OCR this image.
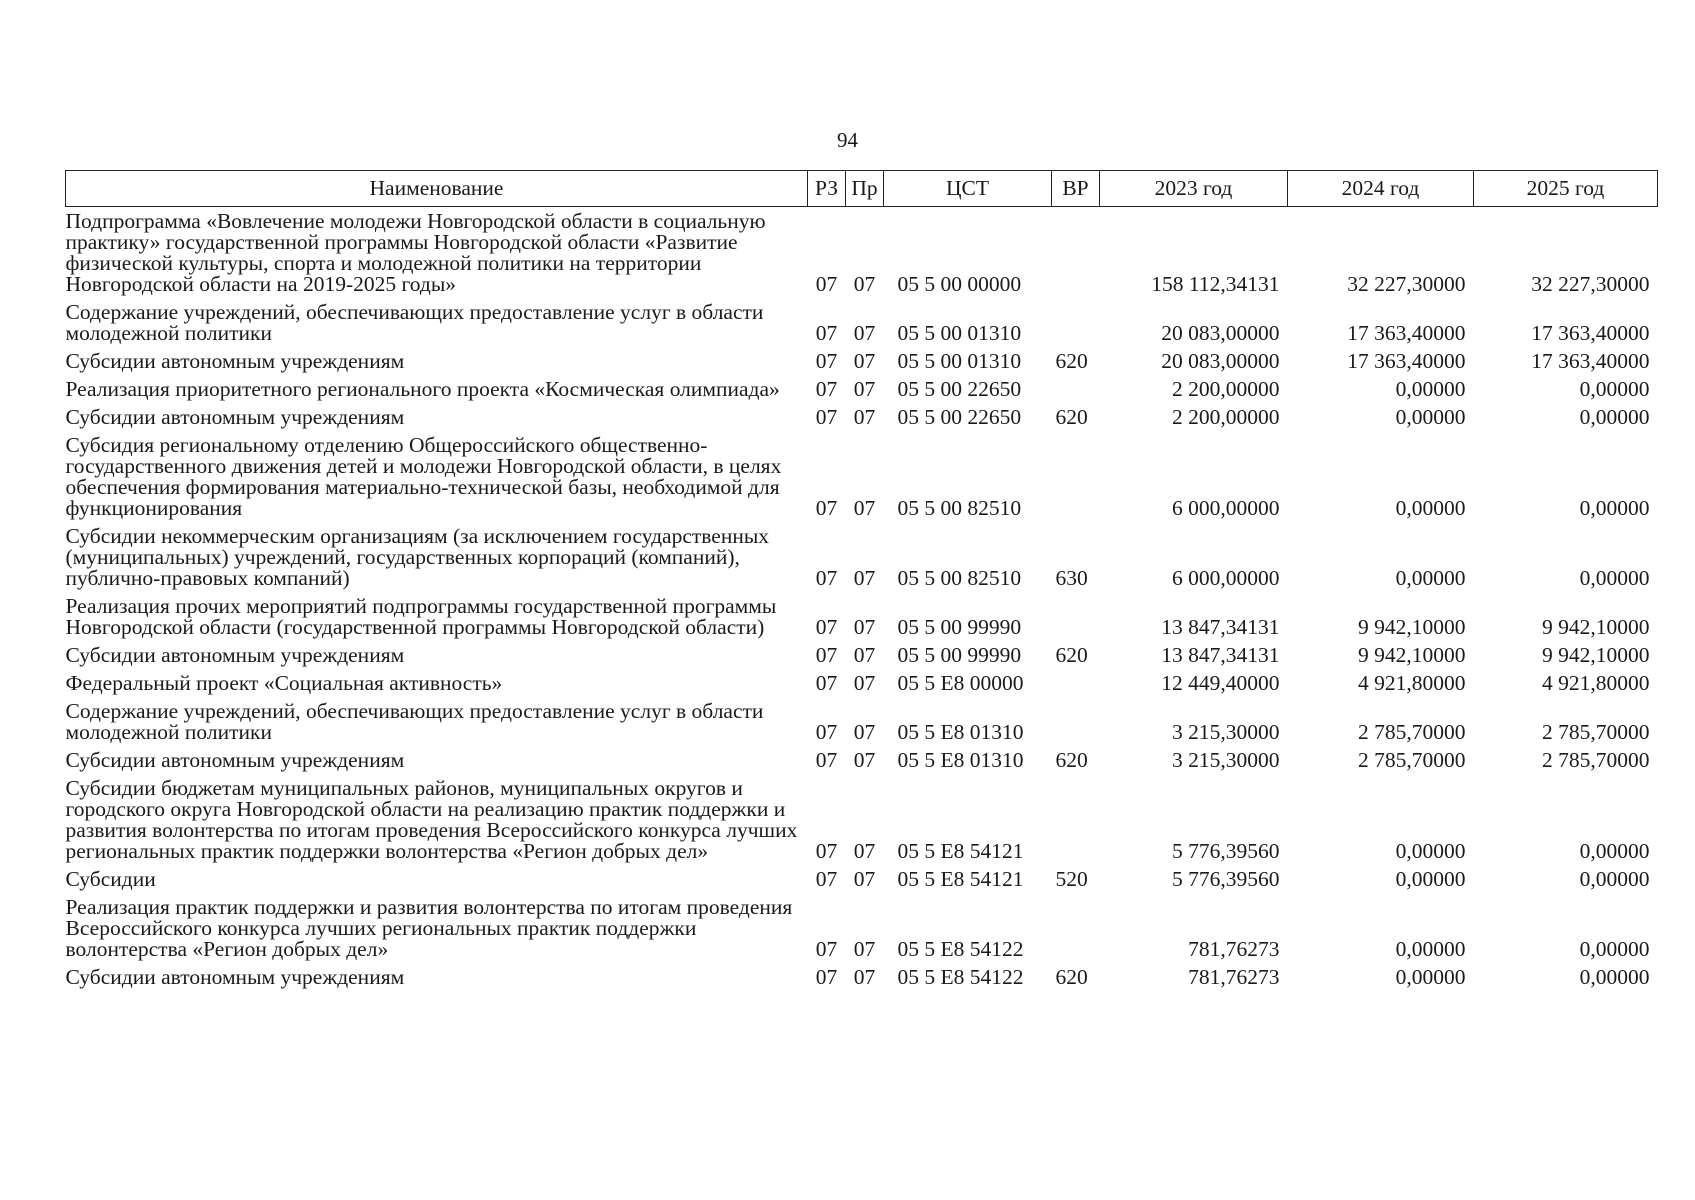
94
Наименование	РЗ	Пр	ЦСТ	ВР	2023 год	2024 год	2025 год
Подпрограмма «Вовлечение молодежи Новгородской области в социальную практику» государственной программы Новгородской области «Развитие физической культуры, спорта и молодежной политики на территории Новгородской области на 2019-2025 годы»	07	07	05 5 00 00000		158 112,34131	32 227,30000	32 227,30000
Содержание учреждений, обеспечивающих предоставление услуг в области молодежной политики	07	07	05 5 00 01310		20 083,00000	17 363,40000	17 363,40000
Субсидии автономным учреждениям	07	07	05 5 00 01310	620	20 083,00000	17 363,40000	17 363,40000
Реализация приоритетного регионального проекта «Космическая олимпиада»	07	07	05 5 00 22650		2 200,00000	0,00000	0,00000
Субсидии автономным учреждениям	07	07	05 5 00 22650	620	2 200,00000	0,00000	0,00000
Субсидия региональному отделению Общероссийского общественно-государственного движения детей и молодежи Новгородской области, в целях обеспечения формирования материально-технической базы, необходимой для функционирования	07	07	05 5 00 82510		6 000,00000	0,00000	0,00000
Субсидии некоммерческим организациям (за исключением государственных (муниципальных) учреждений, государственных корпораций (компаний), публично-правовых компаний)	07	07	05 5 00 82510	630	6 000,00000	0,00000	0,00000
Реализация прочих мероприятий подпрограммы государственной программы Новгородской области (государственной программы Новгородской области)	07	07	05 5 00 99990		13 847,34131	9 942,10000	9 942,10000
Субсидии автономным учреждениям	07	07	05 5 00 99990	620	13 847,34131	9 942,10000	9 942,10000
Федеральный проект «Социальная активность»	07	07	05 5 E8 00000		12 449,40000	4 921,80000	4 921,80000
Содержание учреждений, обеспечивающих предоставление услуг в области молодежной политики	07	07	05 5 E8 01310		3 215,30000	2 785,70000	2 785,70000
Субсидии автономным учреждениям	07	07	05 5 E8 01310	620	3 215,30000	2 785,70000	2 785,70000
Субсидии бюджетам муниципальных районов, муниципальных округов и городского округа Новгородской области на реализацию практик поддержки и развития волонтерства по итогам проведения Всероссийского конкурса лучших региональных практик поддержки волонтерства «Регион добрых дел»	07	07	05 5 E8 54121		5 776,39560	0,00000	0,00000
Субсидии	07	07	05 5 E8 54121	520	5 776,39560	0,00000	0,00000
Реализация практик поддержки и развития волонтерства по итогам проведения Всероссийского конкурса лучших региональных практик поддержки волонтерства «Регион добрых дел»	07	07	05 5 E8 54122		781,76273	0,00000	0,00000
Субсидии автономным учреждениям	07	07	05 5 E8 54122	620	781,76273	0,00000	0,00000
